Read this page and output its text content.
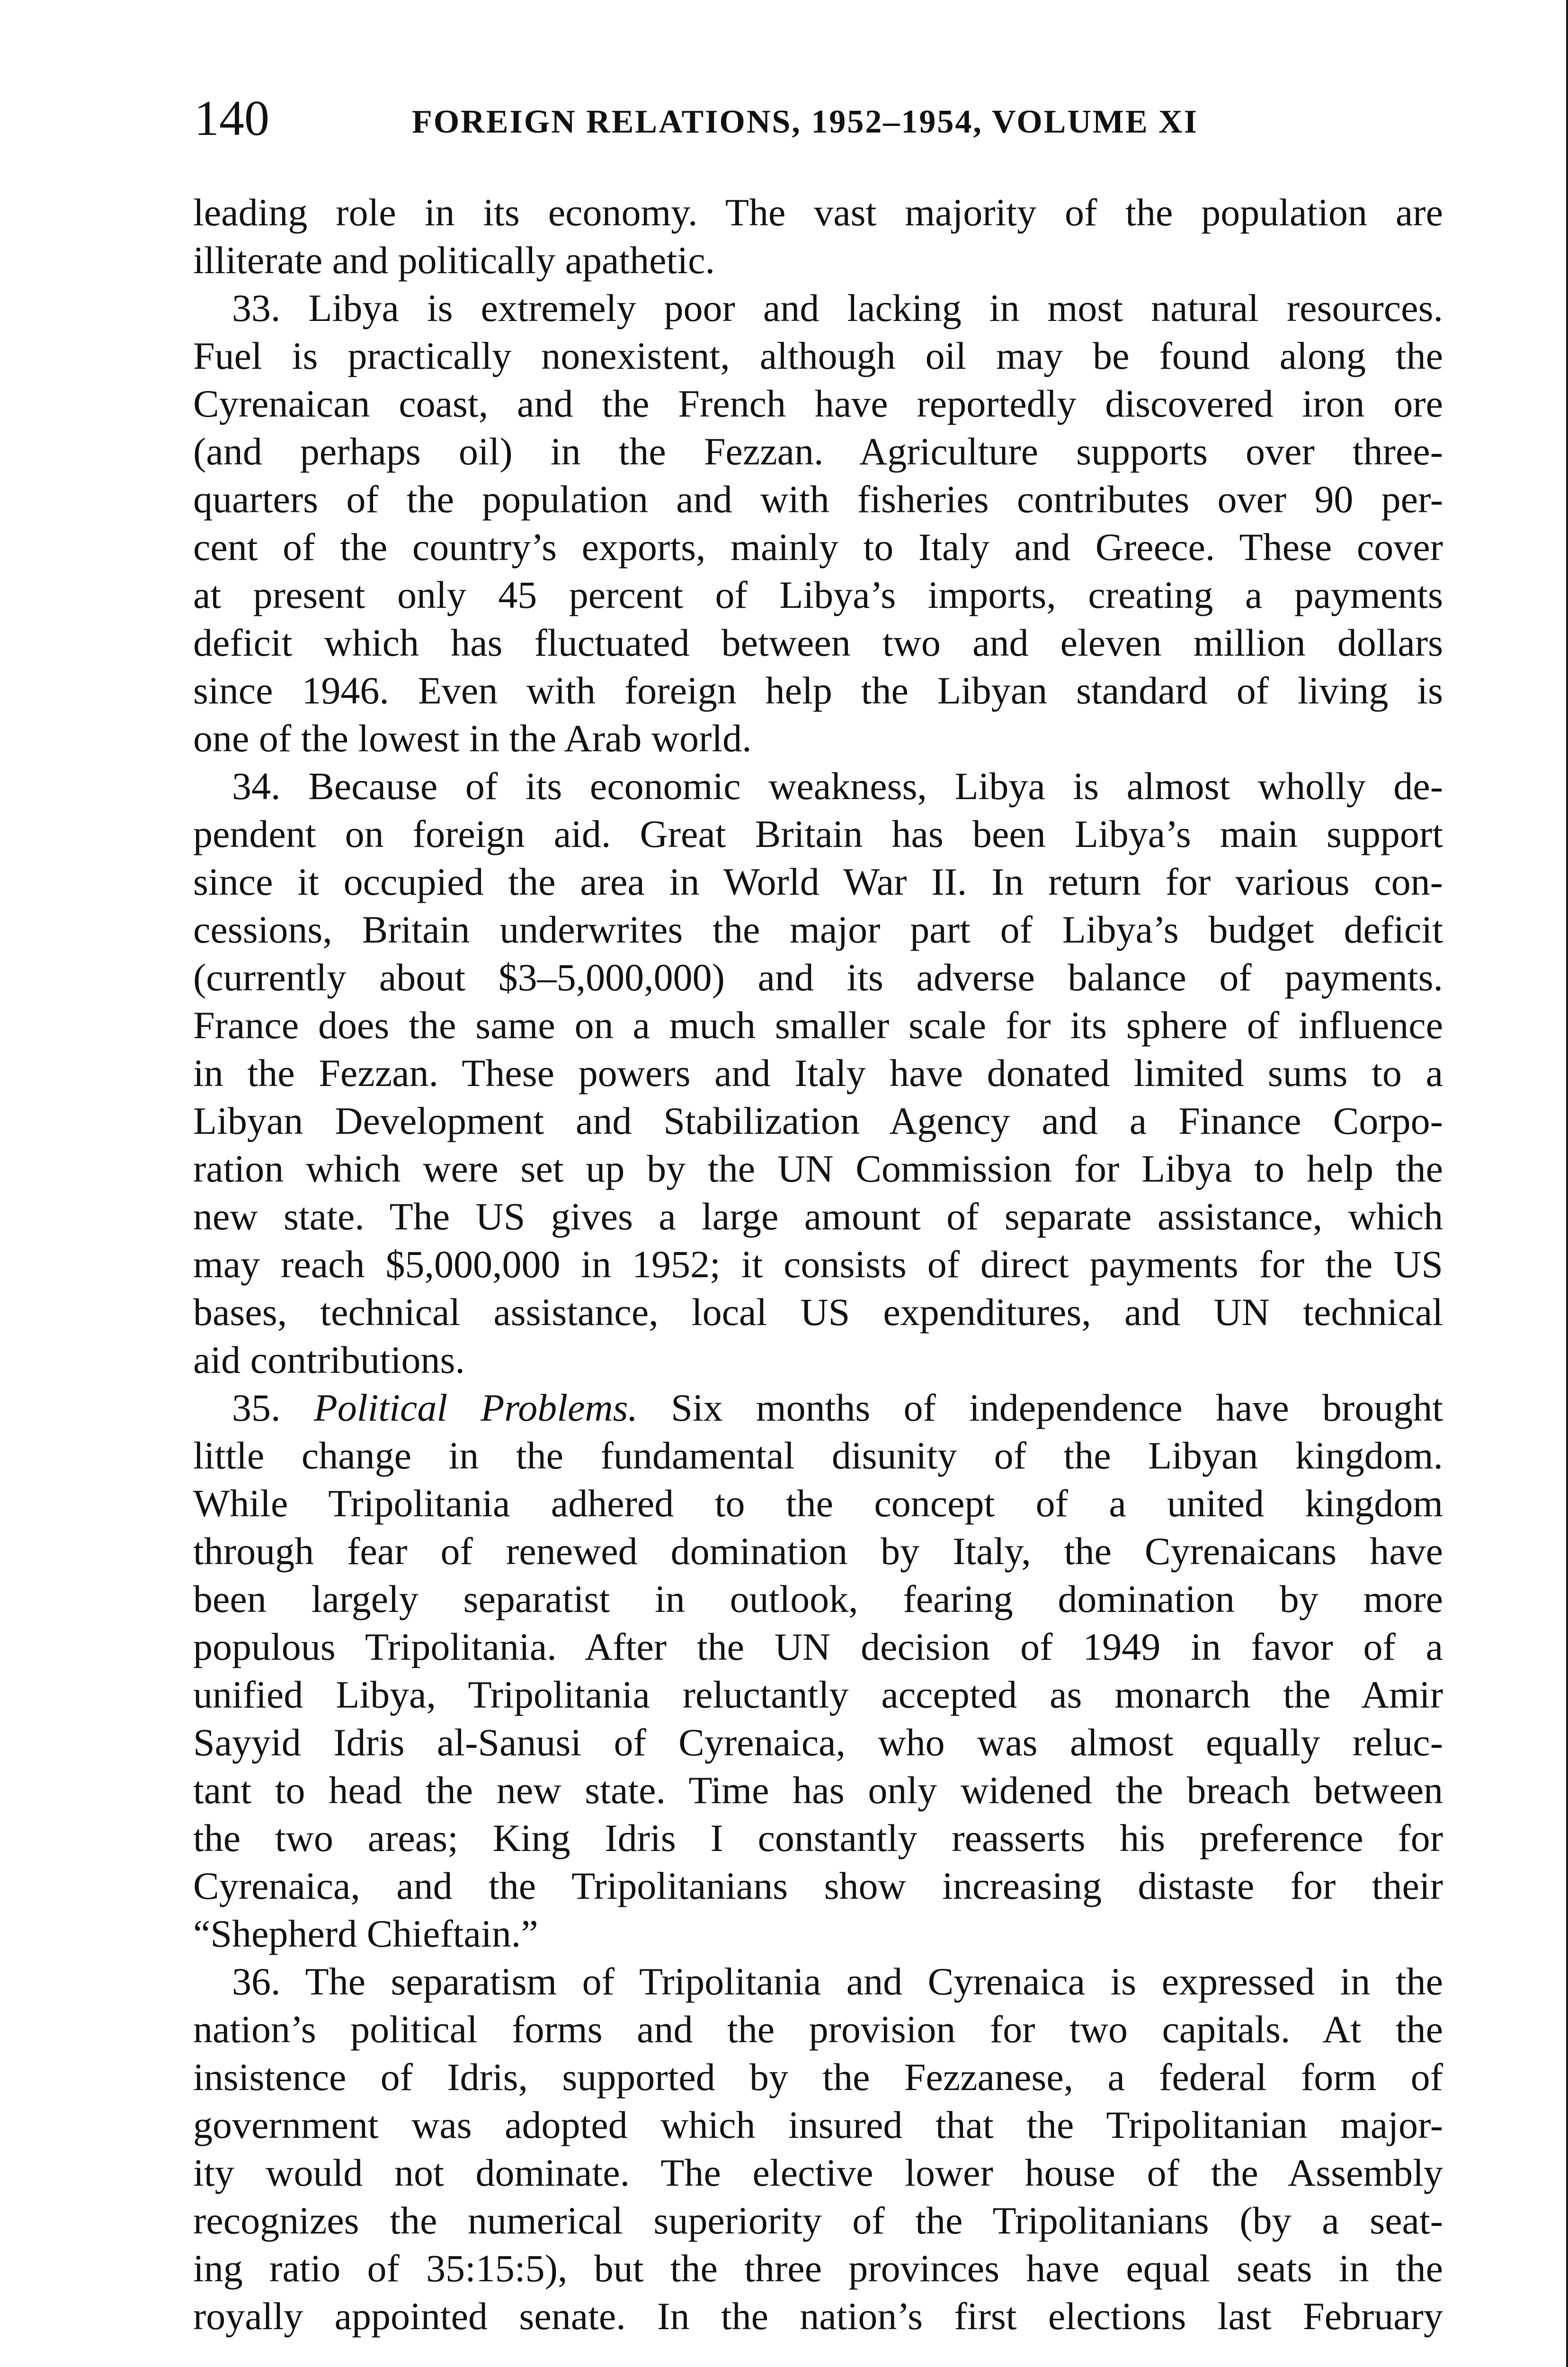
140	FOREIGN RELATIONS, 1952–1954, VOLUME XI
leading role in its economy. The vast majority of the population are
illiterate and politically apathetic.
33. Libya is extremely poor and lacking in most natural resources.
Fuel is practically nonexistent, although oil may be found along the
Cyrenaican coast, and the French have reportedly discovered iron ore
(and perhaps oil) in the Fezzan. Agriculture supports over three-
quarters of the population and with fisheries contributes over 90 per-
cent of the country’s exports, mainly to Italy and Greece. These cover
at present only 45 percent of Libya’s imports, creating a payments
deficit which has fluctuated between two and eleven million dollars
since 1946. Even with foreign help the Libyan standard of living is
one of the lowest in the Arab world.
34. Because of its economic weakness, Libya is almost wholly de-
pendent on foreign aid. Great Britain has been Libya’s main support
since it occupied the area in World War II. In return for various con-
cessions, Britain underwrites the major part of Libya’s budget deficit
(currently about $3–5,000,000) and its adverse balance of payments.
France does the same on a much smaller scale for its sphere of influence
in the Fezzan. These powers and Italy have donated limited sums to a
Libyan Development and Stabilization Agency and a Finance Corpo-
ration which were set up by the UN Commission for Libya to help the
new state. The US gives a large amount of separate assistance, which
may reach $5,000,000 in 1952; it consists of direct payments for the US
bases, technical assistance, local US expenditures, and UN technical
aid contributions.
35. Political Problems. Six months of independence have brought
little change in the fundamental disunity of the Libyan kingdom.
While Tripolitania adhered to the concept of a united kingdom
through fear of renewed domination by Italy, the Cyrenaicans have
been largely separatist in outlook, fearing domination by more
populous Tripolitania. After the UN decision of 1949 in favor of a
unified Libya, Tripolitania reluctantly accepted as monarch the Amir
Sayyid Idris al-Sanusi of Cyrenaica, who was almost equally reluc-
tant to head the new state. Time has only widened the breach between
the two areas; King Idris I constantly reasserts his preference for
Cyrenaica, and the Tripolitanians show increasing distaste for their
“Shepherd Chieftain.”
36. The separatism of Tripolitania and Cyrenaica is expressed in the
nation’s political forms and the provision for two capitals. At the
insistence of Idris, supported by the Fezzanese, a federal form of
government was adopted which insured that the Tripolitanian major-
ity would not dominate. The elective lower house of the Assembly
recognizes the numerical superiority of the Tripolitanians (by a seat-
ing ratio of 35:15:5), but the three provinces have equal seats in the
royally appointed senate. In the nation’s first elections last February
